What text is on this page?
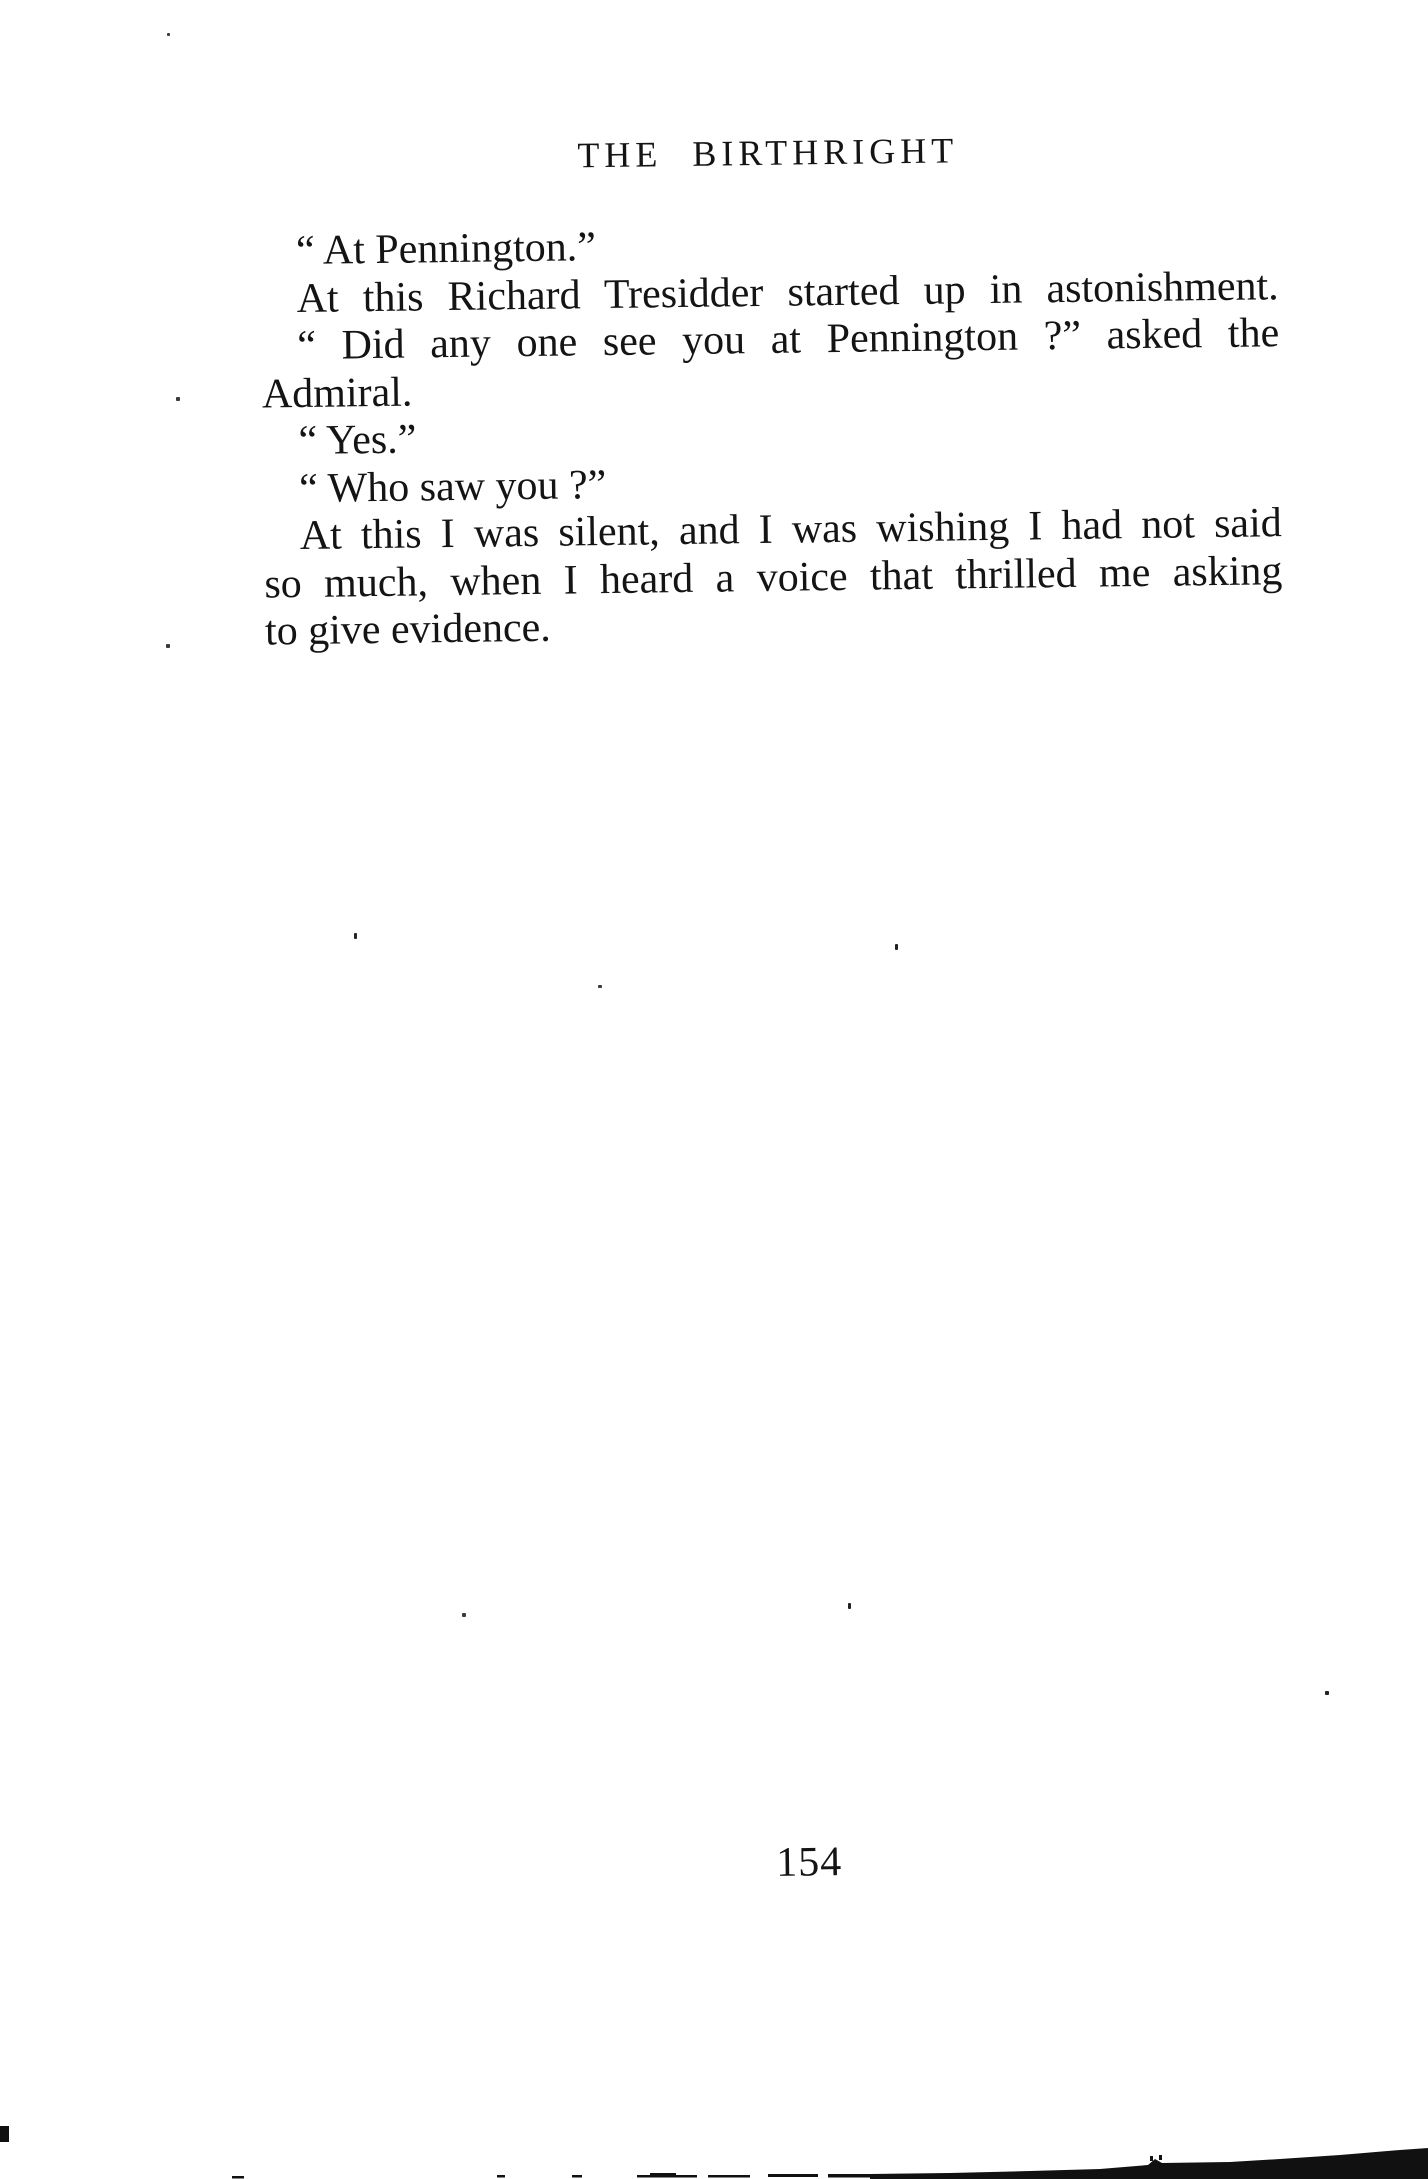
THE BIRTHRIGHT
“ At Pennington.”
At this Richard Tresidder started up in astonishment.
“ Did any one see you at Pennington ?” asked the
Admiral.
“ Yes.”
“ Who saw you ?”
At this I was silent, and I was wishing I had not said
so much, when I heard a voice that thrilled me asking
to give evidence.
154
